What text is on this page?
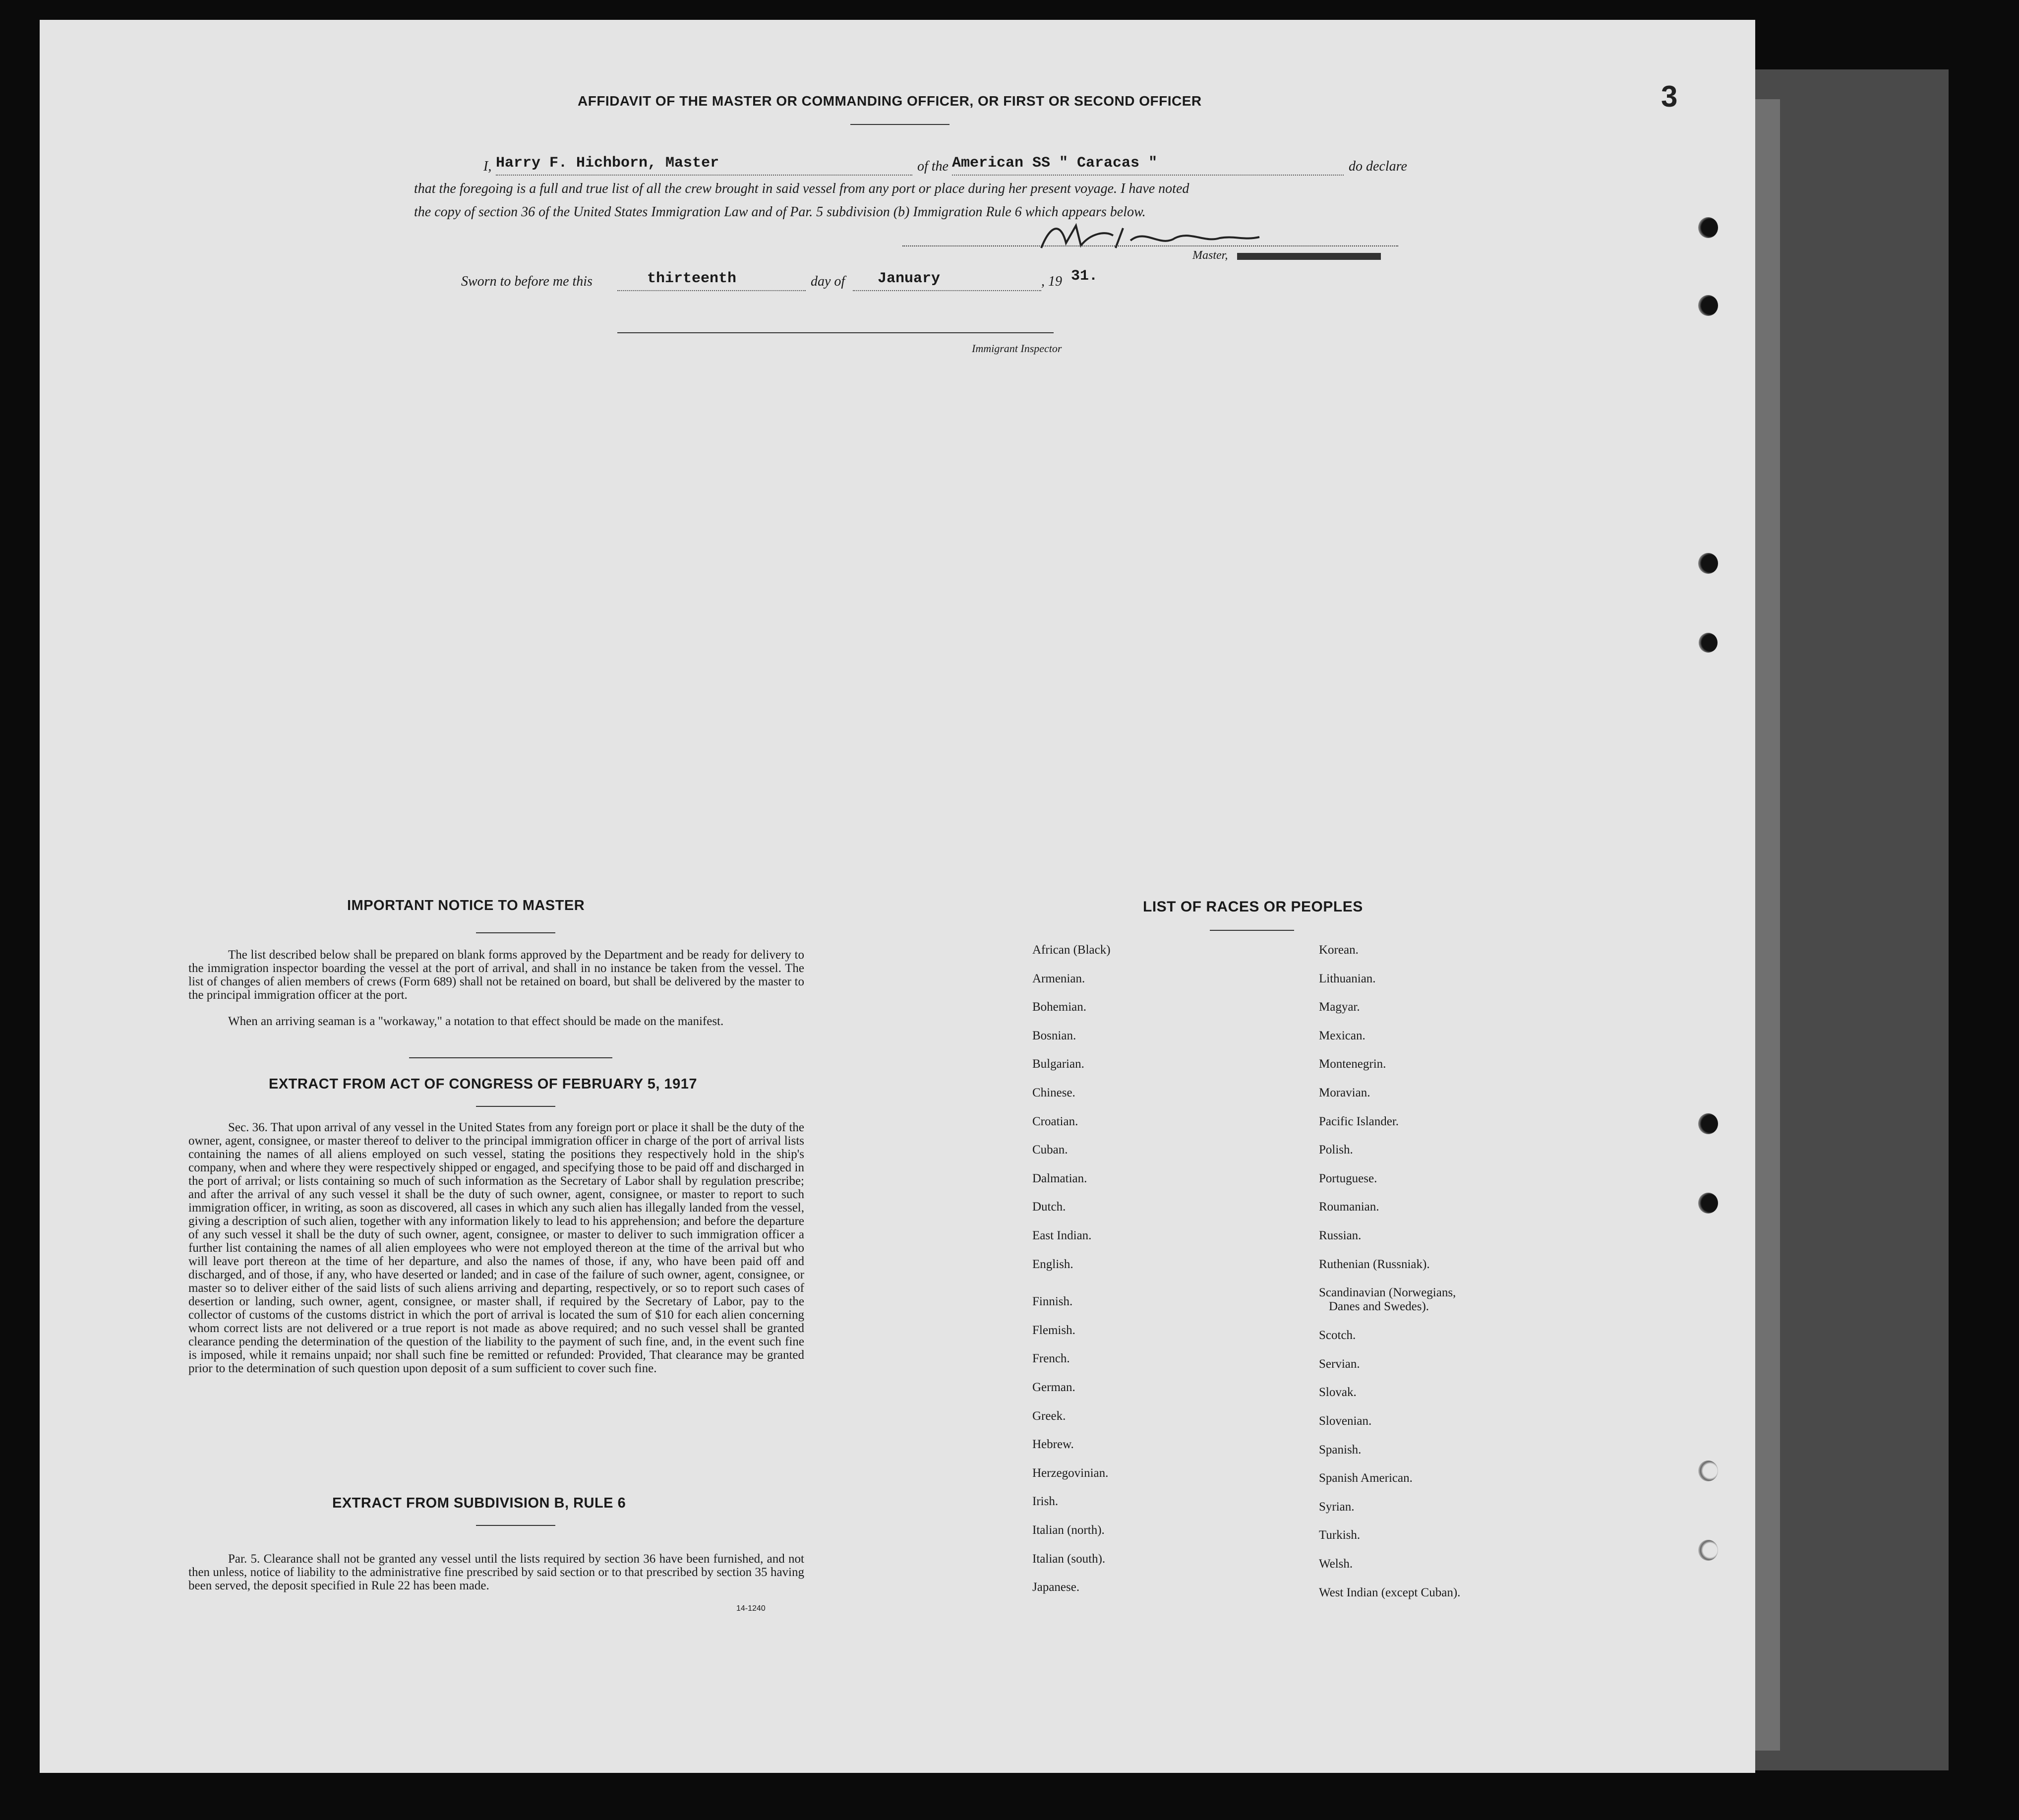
3
AFFIDAVIT OF THE MASTER OR COMMANDING OFFICER, OR FIRST OR SECOND OFFICER
I, Harry F. Hichborn, Master	of the American SS " Caracas "	do declare
that the foregoing is a full and true list of all the crew brought in said vessel from any port or place during her present voyage. I have noted
the copy of section 36 of the United States Immigration Law and of Par. 5 subdivision (b) Immigration Rule 6 which appears below.
Master,
Sworn to before me this	thirteenth	day of January	, 19 31.
Immigrant Inspector
IMPORTANT NOTICE TO MASTER
The list described below shall be prepared on blank forms approved by the Department and be ready for delivery to the immigration inspector boarding the vessel at the port of arrival, and shall in no instance be taken from the vessel. The list of changes of alien members of crews (Form 689) shall not be retained on board, but shall be delivered by the master to the principal immigration officer at the port.
When an arriving seaman is a "workaway," a notation to that effect should be made on the manifest.
EXTRACT FROM ACT OF CONGRESS OF FEBRUARY 5, 1917
Sec. 36. That upon arrival of any vessel in the United States from any foreign port or place it shall be the duty of the owner, agent, consignee, or master thereof to deliver to the principal immigration officer in charge of the port of arrival lists containing the names of all aliens employed on such vessel, stating the positions they respectively hold in the ship's company, when and where they were respectively shipped or engaged, and specifying those to be paid off and discharged in the port of arrival; or lists containing so much of such information as the Secretary of Labor shall by regulation prescribe; and after the arrival of any such vessel it shall be the duty of such owner, agent, consignee, or master to report to such immigration officer, in writing, as soon as discovered, all cases in which any such alien has illegally landed from the vessel, giving a description of such alien, together with any information likely to lead to his apprehension; and before the departure of any such vessel it shall be the duty of such owner, agent, consignee, or master to deliver to such immigration officer a further list containing the names of all alien employees who were not employed thereon at the time of the arrival but who will leave port thereon at the time of her departure, and also the names of those, if any, who have been paid off and discharged, and of those, if any, who have deserted or landed; and in case of the failure of such owner, agent, consignee, or master so to deliver either of the said lists of such aliens arriving and departing, respectively, or so to report such cases of desertion or landing, such owner, agent, consignee, or master shall, if required by the Secretary of Labor, pay to the collector of customs of the customs district in which the port of arrival is located the sum of $10 for each alien concerning whom correct lists are not delivered or a true report is not made as above required; and no such vessel shall be granted clearance pending the determination of the question of the liability to the payment of such fine, and, in the event such fine is imposed, while it remains unpaid; nor shall such fine be remitted or refunded: Provided, That clearance may be granted prior to the determination of such question upon deposit of a sum sufficient to cover such fine.
EXTRACT FROM SUBDIVISION B, RULE 6
Par. 5. Clearance shall not be granted any vessel until the lists required by section 36 have been furnished, and not then unless, notice of liability to the administrative fine prescribed by said section or to that prescribed by section 35 having been served, the deposit specified in Rule 22 has been made.
14-1240
LIST OF RACES OR PEOPLES
African (Black)
Armenian.
Bohemian.
Bosnian.
Bulgarian.
Chinese.
Croatian.
Cuban.
Dalmatian.
Dutch.
East Indian.
English.
Finnish.
Flemish.
French.
German.
Greek.
Hebrew.
Herzegovinian.
Irish.
Italian (north).
Italian (south).
Japanese.
Korean.
Lithuanian.
Magyar.
Mexican.
Montenegrin.
Moravian.
Pacific Islander.
Polish.
Portuguese.
Roumanian.
Russian.
Ruthenian (Russniak).
Scandinavian (Norwegians,
Danes and Swedes).
Scotch.
Servian.
Slovak.
Slovenian.
Spanish.
Spanish American.
Syrian.
Turkish.
Welsh.
West Indian (except Cuban).
